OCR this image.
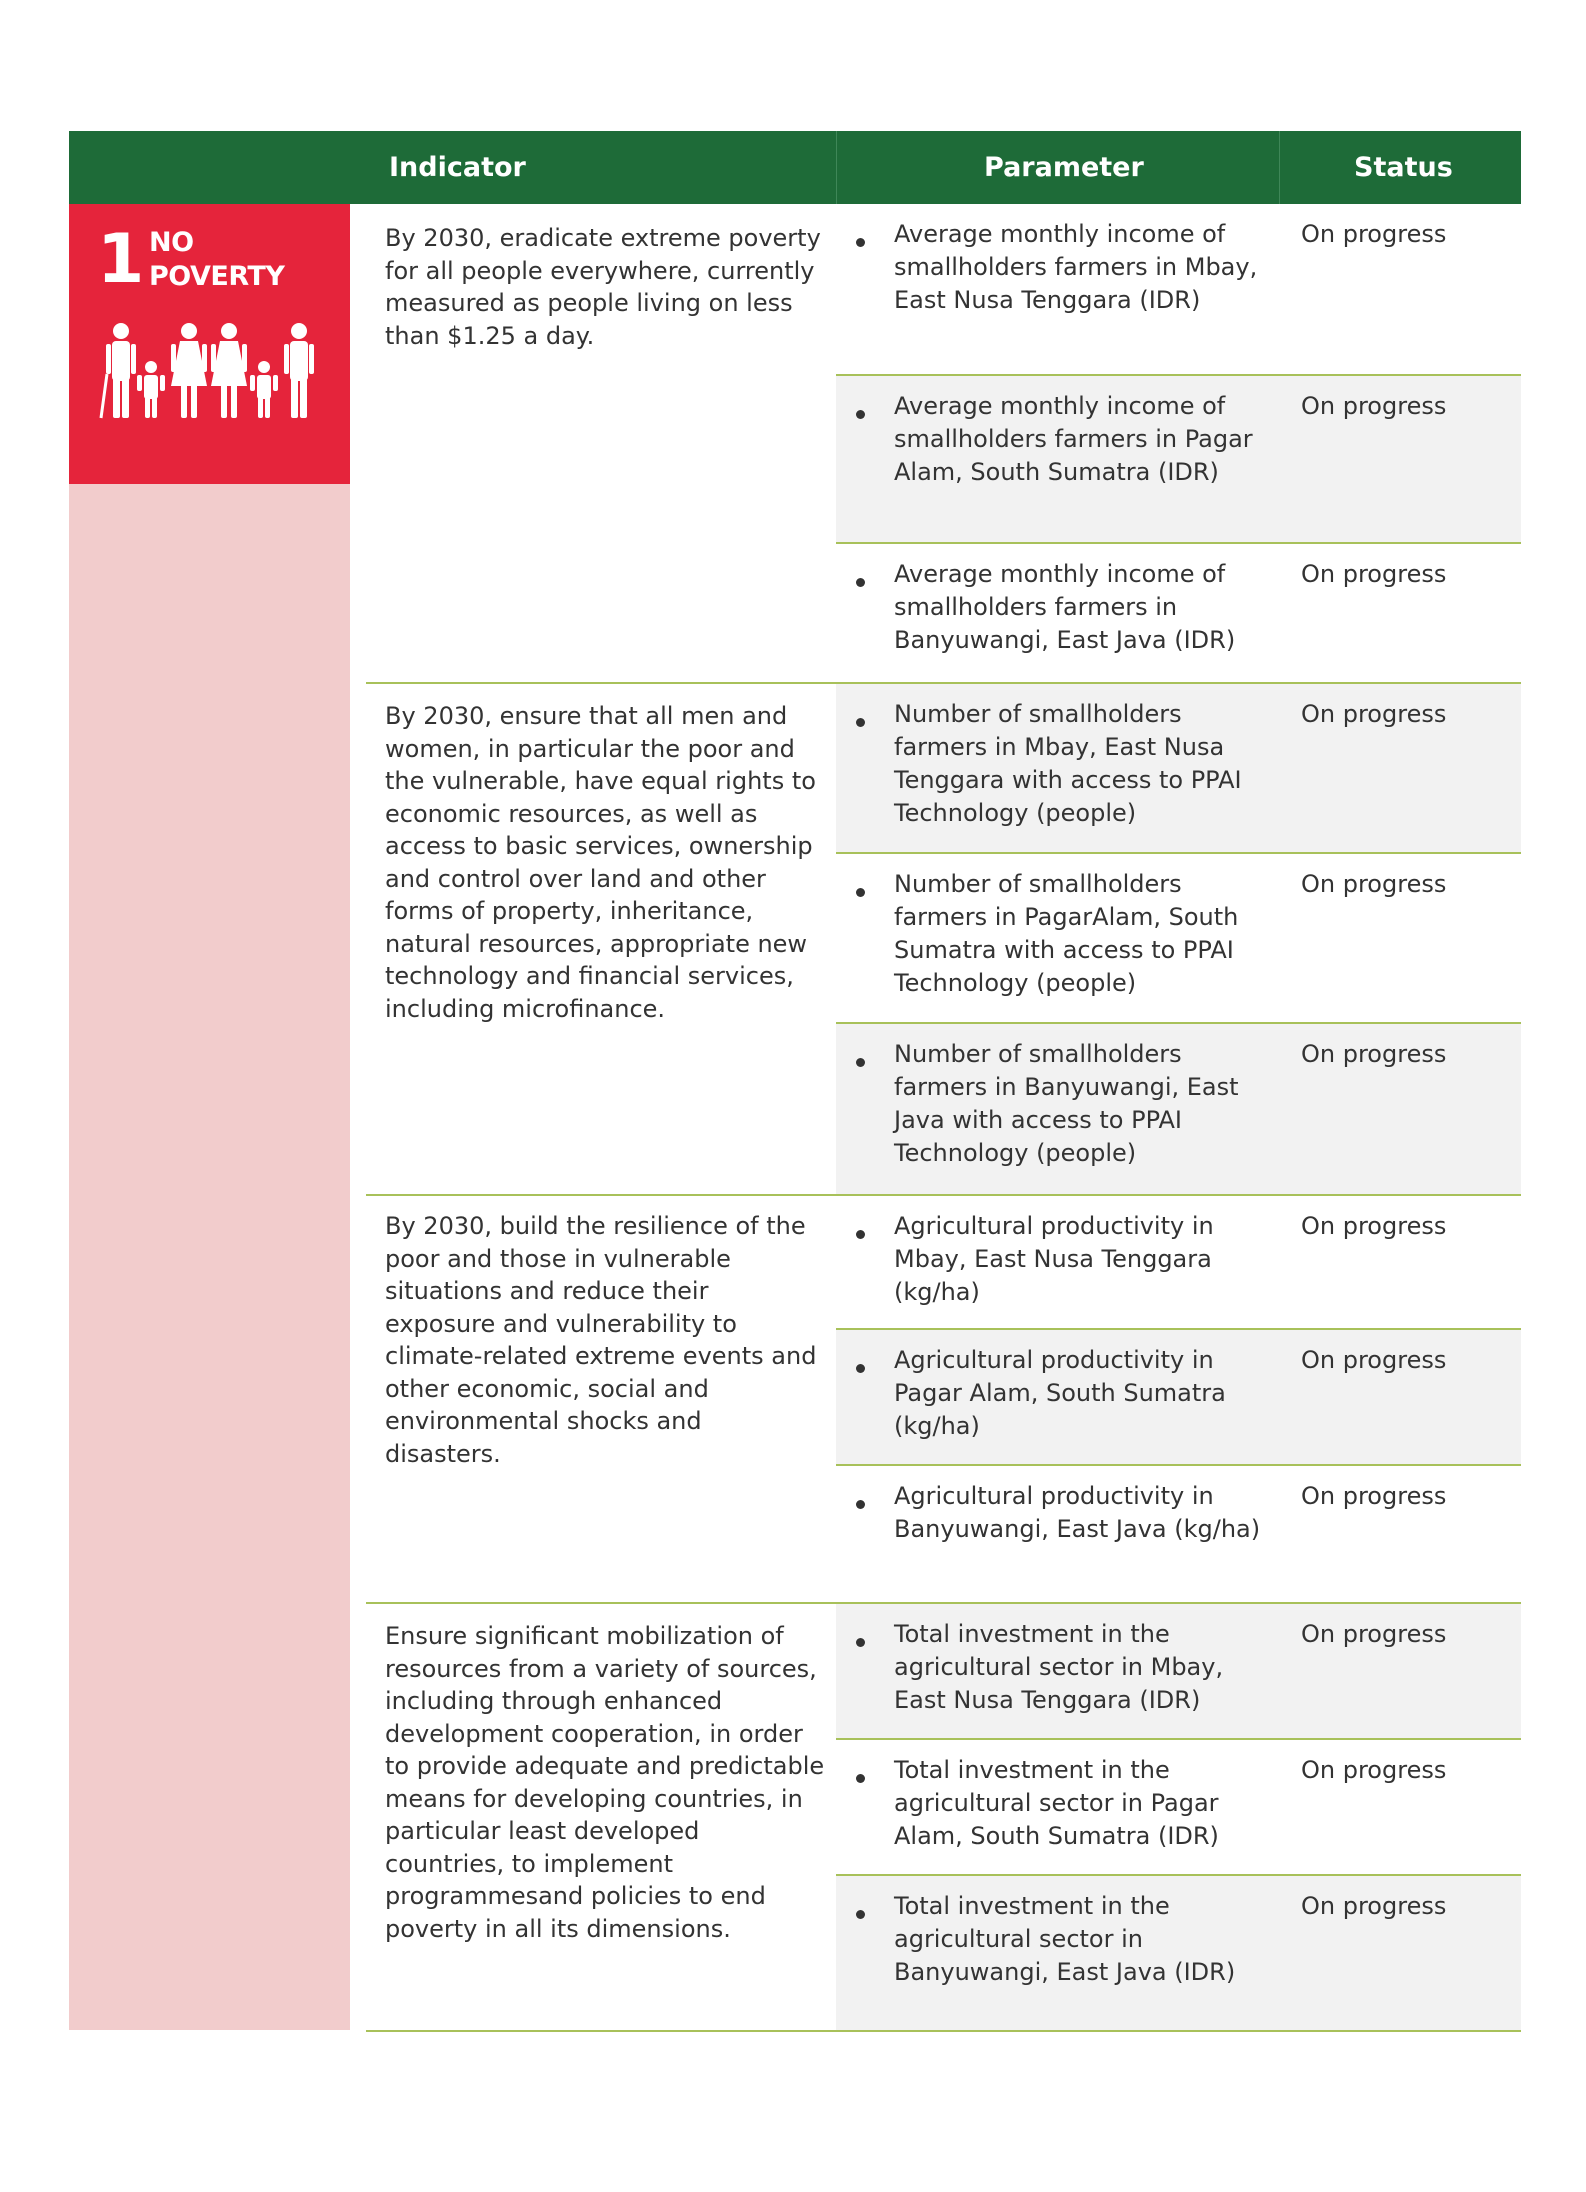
Indicator	Parameter	Status
1 NO
POVERTY
By 2030, eradicate extreme poverty for all people everywhere, currently measured as people living on less than $1.25 a day.
Average monthly income of smallholders farmers in Mbay, East Nusa Tenggara (IDR)
On progress
Average monthly income of smallholders farmers in Pagar Alam, South Sumatra (IDR)
On progress
Average monthly income of smallholders farmers in Banyuwangi, East Java (IDR)
On progress
By 2030, ensure that all men and women, in particular the poor and the vulnerable, have equal rights to economic resources, as well as access to basic services, ownership and control over land and other forms of property, inheritance, natural resources, appropriate new technology and financial services, including microfinance.
Number of smallholders farmers in Mbay, East Nusa Tenggara with access to PPAI Technology (people)
On progress
Number of smallholders farmers in PagarAlam, South Sumatra with access to PPAI Technology (people)
On progress
Number of smallholders farmers in Banyuwangi, East Java with access to PPAI Technology (people)
On progress
By 2030, build the resilience of the poor and those in vulnerable situations and reduce their exposure and vulnerability to climate-related extreme events and other economic, social and environmental shocks and disasters.
Agricultural productivity in Mbay, East Nusa Tenggara (kg/ha)
On progress
Agricultural productivity in Pagar Alam, South Sumatra (kg/ha)
On progress
Agricultural productivity in Banyuwangi, East Java (kg/ha)
On progress
Ensure significant mobilization of resources from a variety of sources, including through enhanced development cooperation, in order to provide adequate and predictable means for developing countries, in particular least developed countries, to implement programmesand policies to end poverty in all its dimensions.
Total investment in the agricultural sector in Mbay, East Nusa Tenggara (IDR)
On progress
Total investment in the agricultural sector in Pagar Alam, South Sumatra (IDR)
On progress
Total investment in the agricultural sector in Banyuwangi, East Java (IDR)
On progress
